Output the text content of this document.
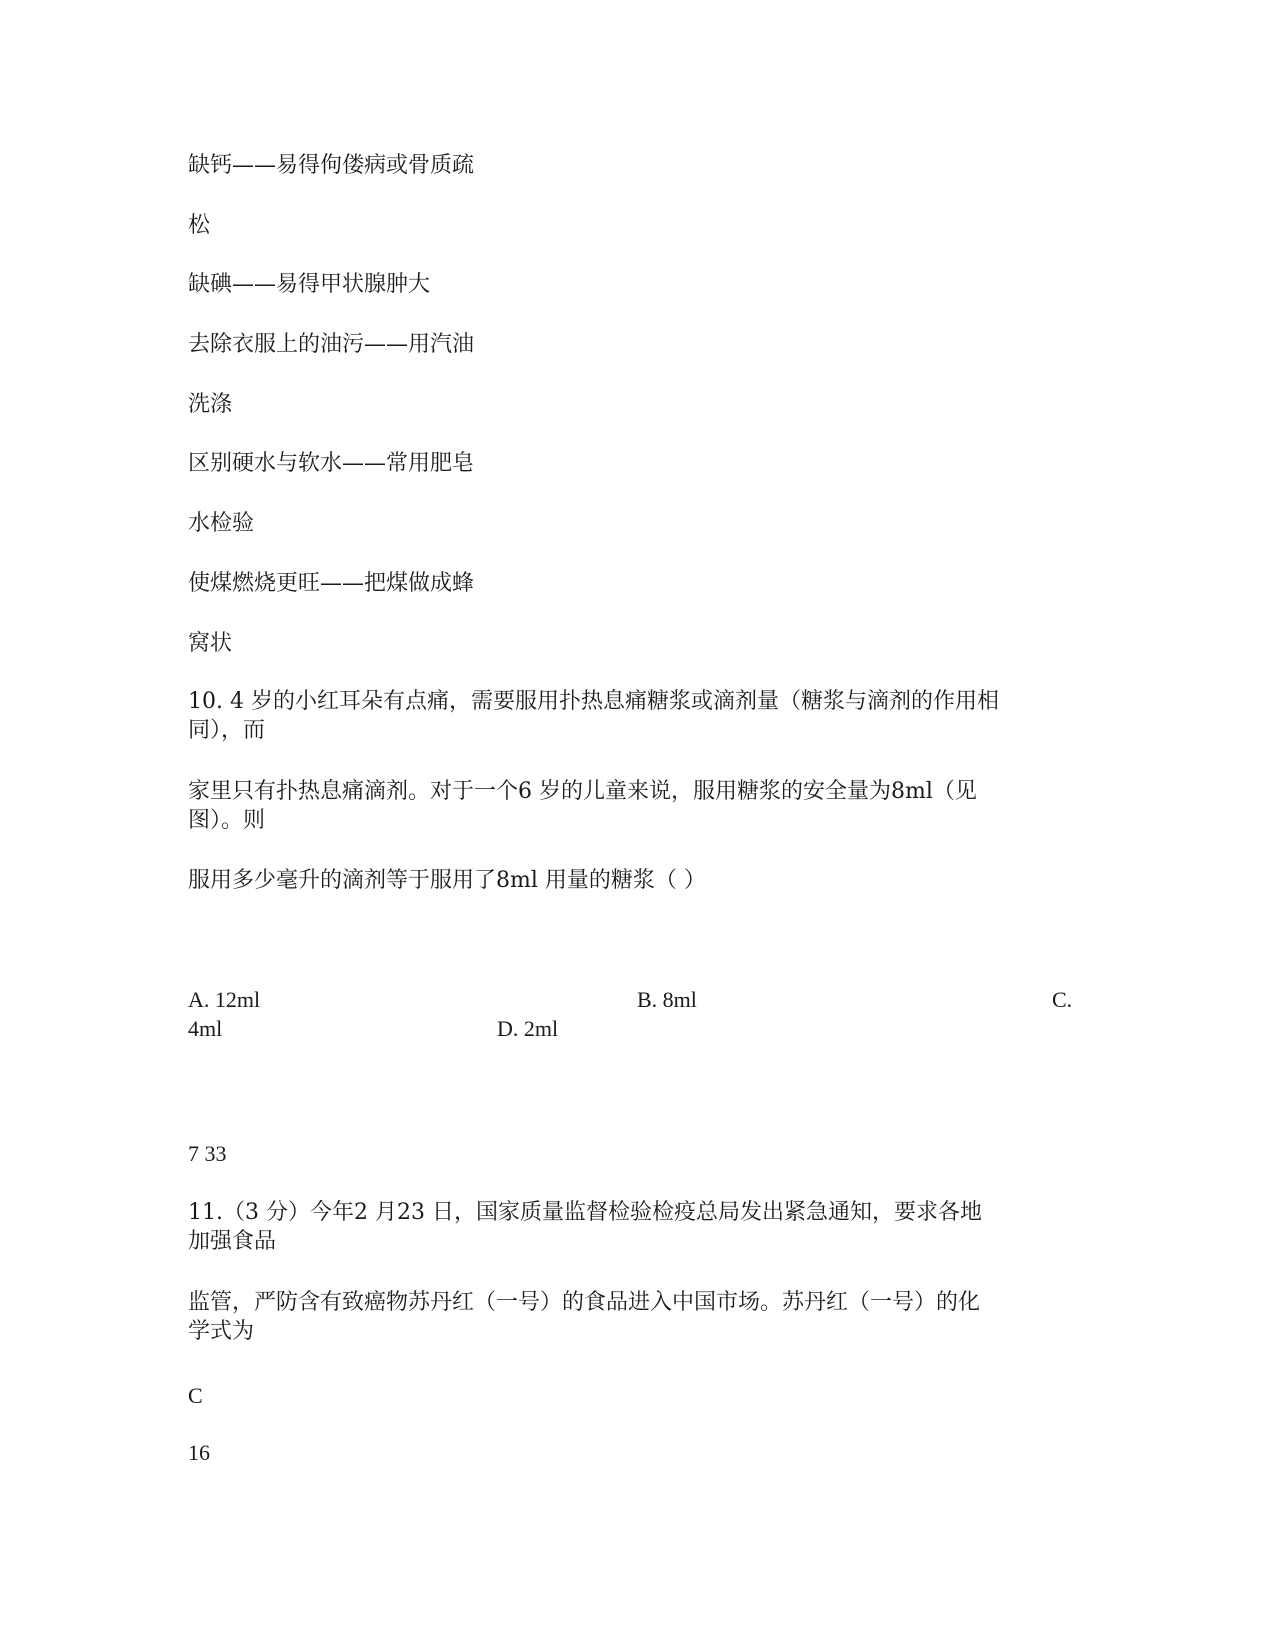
缺钙——易得佝偻病或骨质疏

松

缺碘——易得甲状腺肿大

去除衣服上的油污——用汽油

洗涤

区别硬水与软水——常用肥皂

水检验

使煤燃烧更旺——把煤做成蜂

窝状

10. 4 岁的小红耳朵有点痛，需要服用扑热息痛糖浆或滴剂量（糖浆与滴剂的作用相

同），而

家里只有扑热息痛滴剂。对于一个6 岁的儿童来说，服用糖浆的安全量为8ml（见

图）。则

服用多少毫升的滴剂等于服用了8ml 用量的糖浆（ ）

A. 12ml	B. 8ml	C.
4ml	D. 2ml

7 33

11.（3 分）今年2 月23 日，国家质量监督检验检疫总局发出紧急通知，要求各地

加强食品

监管，严防含有致癌物苏丹红（一号）的食品进入中国市场。苏丹红（一号）的化

学式为

C

16
